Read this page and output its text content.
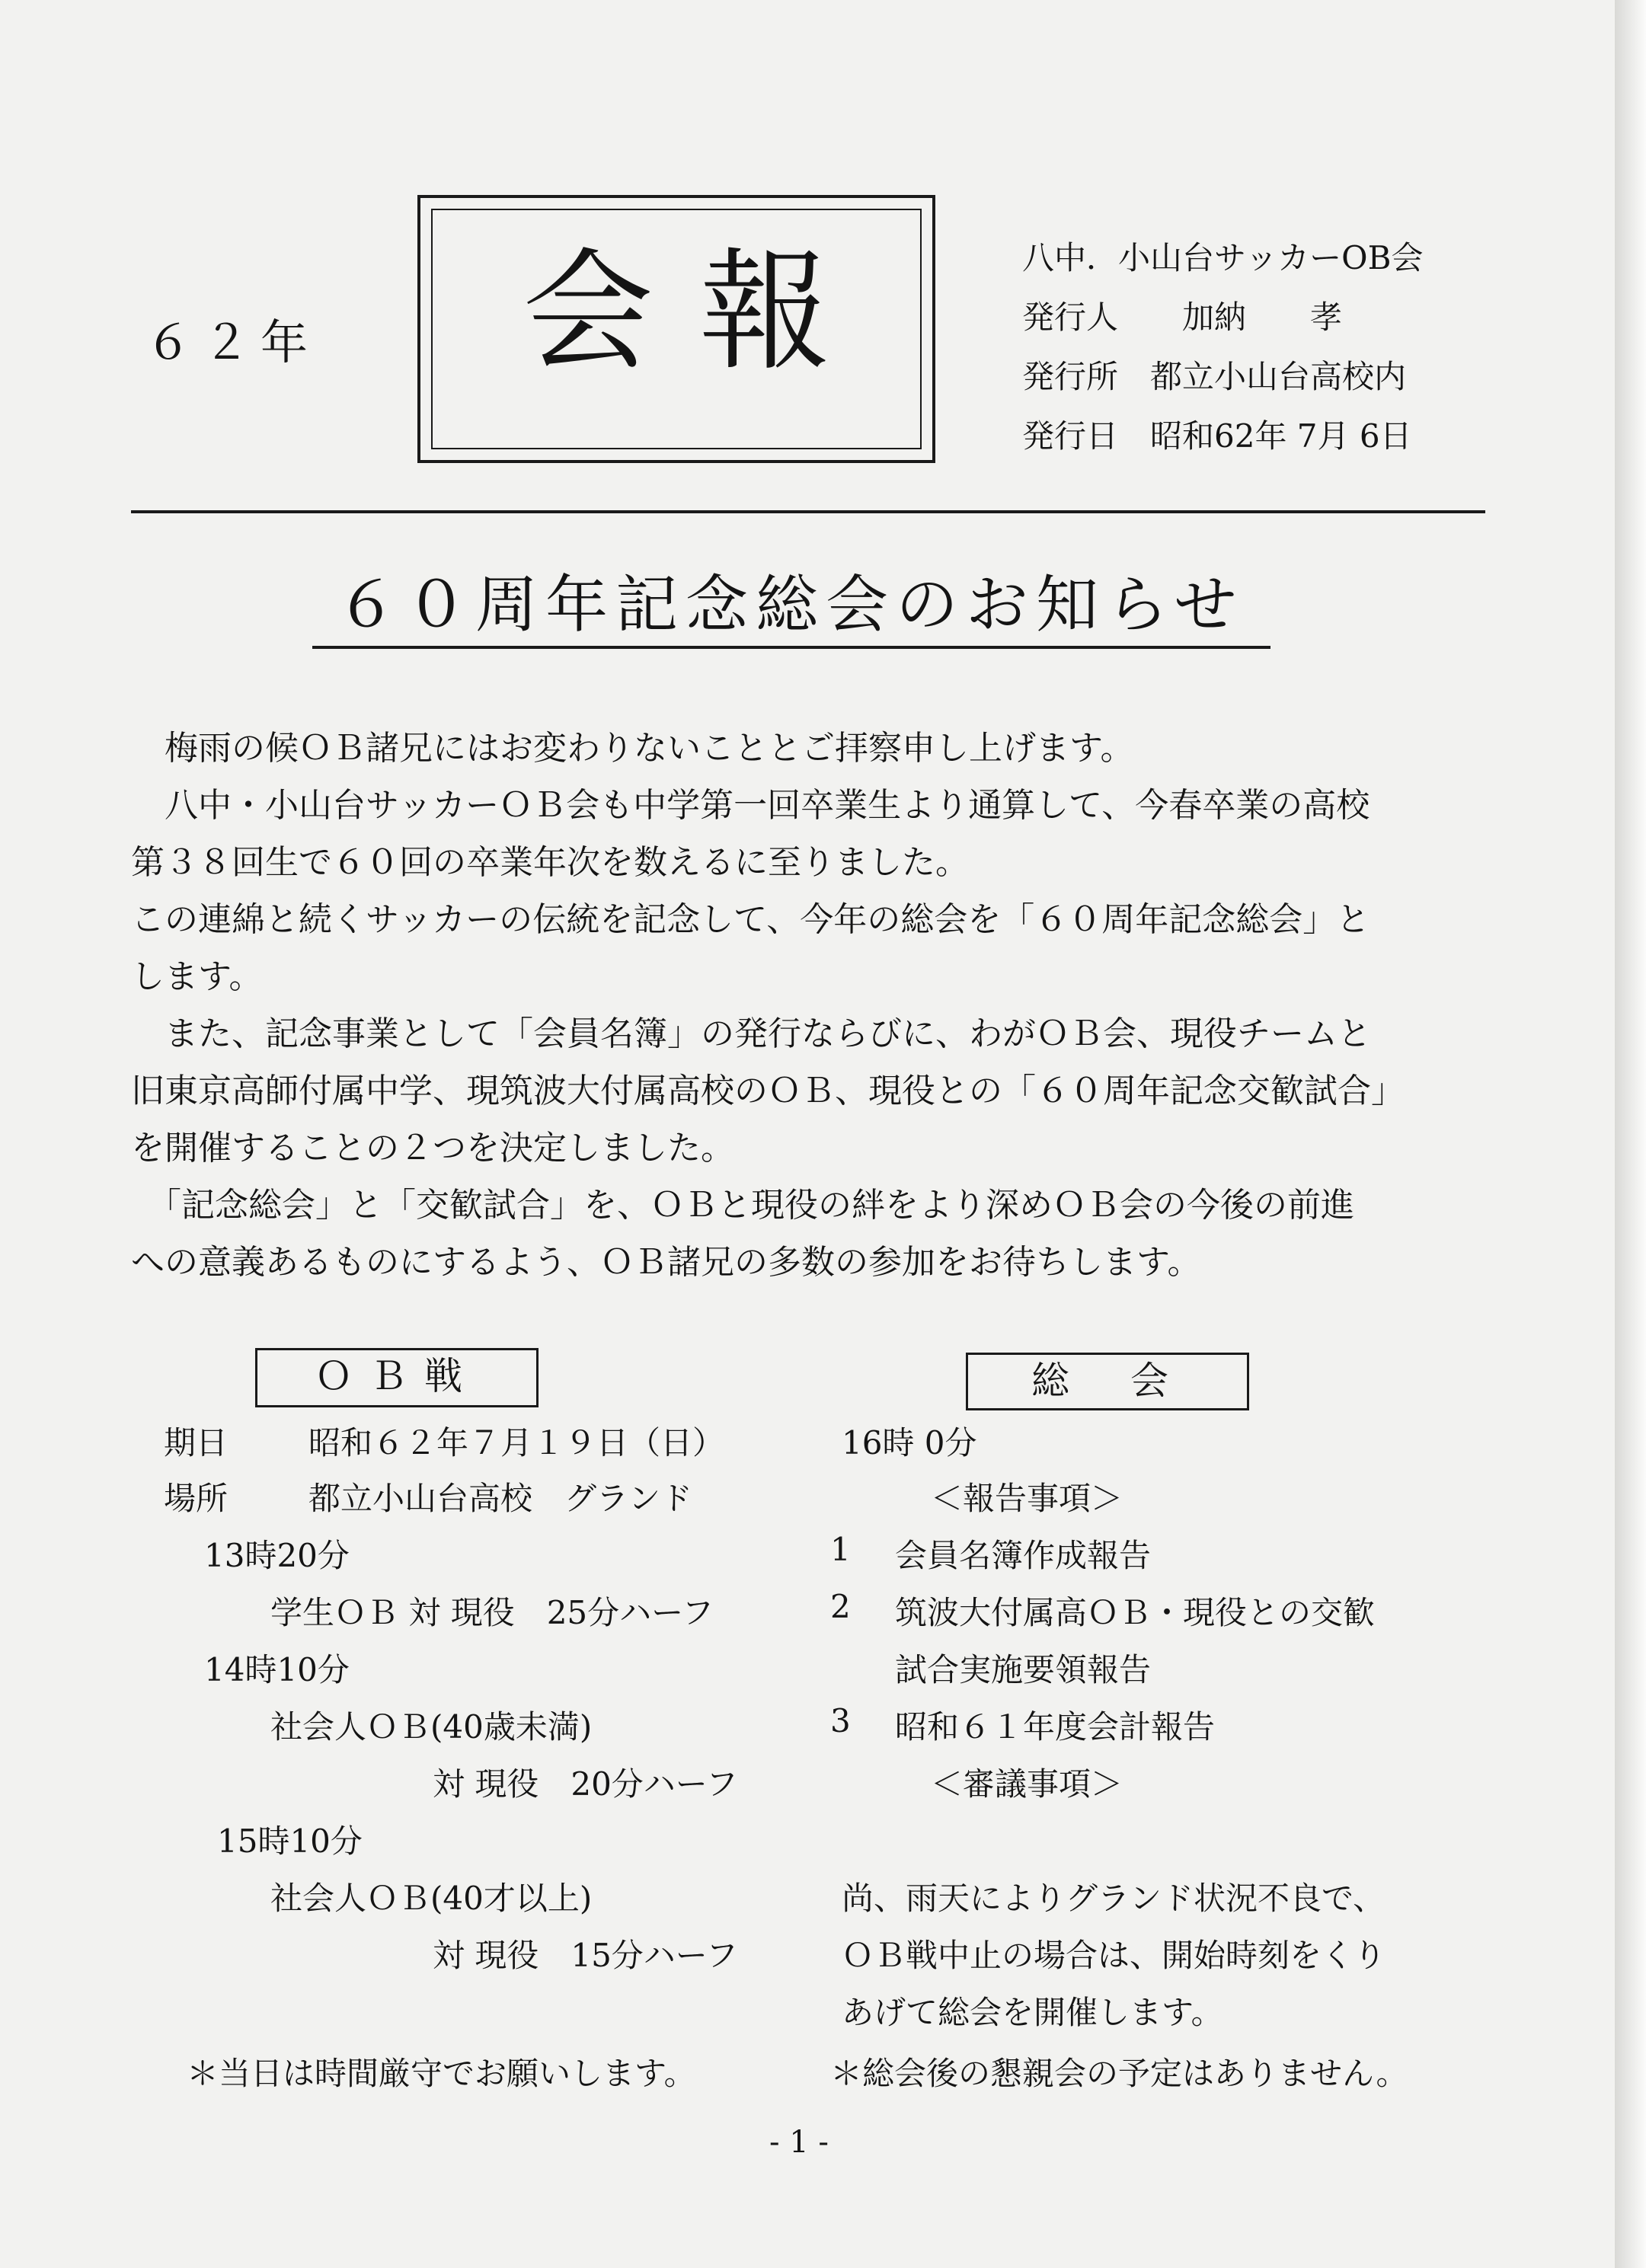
６２年	会報	八中．小山台サッカーOB会
発行人　　加納　　孝
発行所　都立小山台高校内
発行日　昭和62年 7月 6日
６０周年記念総会のお知らせ

　梅雨の候ＯＢ諸兄にはお変わりないこととご拝察申し上げます。

　八中・小山台サッカーＯＢ会も中学第一回卒業生より通算して、今春卒業の高校

第３８回生で６０回の卒業年次を数えるに至りました。

この連綿と続くサッカーの伝統を記念して、今年の総会を「６０周年記念総会」と

します。

　また、記念事業として「会員名簿」の発行ならびに、わがＯＢ会、現役チームと

旧東京高師付属中学、現筑波大付属高校のＯＢ、現役との「６０周年記念交歓試合」

を開催することの２つを決定しました。

　「記念総会」と「交歓試合」を、ＯＢと現役の絆をより深めＯＢ会の今後の前進

への意義あるものにするよう、ＯＢ諸兄の多数の参加をお待ちします。

ＯＢ戦	総会
期日	昭和６２年７月１９日（日）
場所	都立小山台高校　グランド
13時20分
学生ＯＢ 対 現役　25分ハーフ
14時10分
社会人ＯＢ(40歳未満)
対 現役　20分ハーフ
15時10分
社会人ＯＢ(40才以上)
対 現役　15分ハーフ
16時 0分
＜報告事項＞
1 会員名簿作成報告
2 筑波大付属高ＯＢ・現役との交歓
試合実施要領報告
3 昭和６１年度会計報告
＜審議事項＞
尚、雨天によりグランド状況不良で、
ＯＢ戦中止の場合は、開始時刻をくり
あげて総会を開催します。
＊当日は時間厳守でお願いします。	＊総会後の懇親会の予定はありません。
- 1 -
